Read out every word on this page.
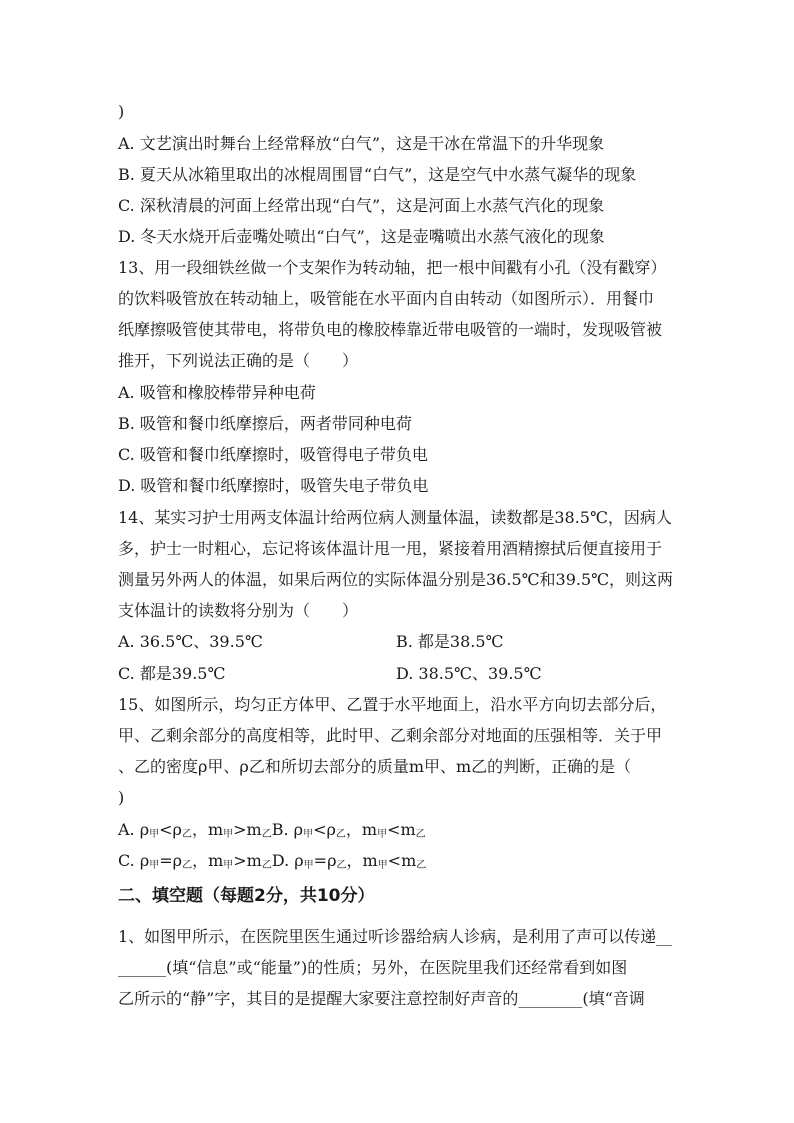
)
A. 文艺演出时舞台上经常释放“白气”，这是干冰在常温下的升华现象
B. 夏天从冰箱里取出的冰棍周围冒“白气”，这是空气中水蒸气凝华的现象
C. 深秋清晨的河面上经常出现“白气”，这是河面上水蒸气汽化的现象
D. 冬天水烧开后壶嘴处喷出“白气”，这是壶嘴喷出水蒸气液化的现象
13、用一段细铁丝做一个支架作为转动轴，把一根中间戳有小孔（没有戳穿）
的饮料吸管放在转动轴上，吸管能在水平面内自由转动（如图所示）．用餐巾
纸摩擦吸管使其带电，将带负电的橡胶棒靠近带电吸管的一端时，发现吸管被
推开，下列说法正确的是（　　）
A. 吸管和橡胶棒带异种电荷
B. 吸管和餐巾纸摩擦后，两者带同种电荷
C. 吸管和餐巾纸摩擦时，吸管得电子带负电
D. 吸管和餐巾纸摩擦时，吸管失电子带负电
14、某实习护士用两支体温计给两位病人测量体温，读数都是38.5℃，因病人
多，护士一时粗心，忘记将该体温计甩一甩，紧接着用酒精擦拭后便直接用于
测量另外两人的体温，如果后两位的实际体温分别是36.5℃和39.5℃，则这两
支体温计的读数将分别为（　　）
A. 36.5℃、39.5℃	B. 都是38.5℃
C. 都是39.5℃	D. 38.5℃、39.5℃
15、如图所示，均匀正方体甲、乙置于水平地面上，沿水平方向切去部分后，
甲、乙剩余部分的高度相等，此时甲、乙剩余部分对地面的压强相等．关于甲
、乙的密度ρ甲、ρ乙和所切去部分的质量m甲、m乙的判断，正确的是（
)
A. $\rho_甲<\rho_乙$，$m_甲>m_乙B$. $\rho_甲<\rho_乙$，$m_甲<m_乙$
C. $\rho_甲=\rho_乙$，$m_甲>m_乙D$. $\rho_甲=\rho_乙$，$m_甲<m_乙$
二、填空题（每题2分，共10分）
1、如图甲所示，在医院里医生通过听诊器给病人诊病，是利用了声可以传递__
______(填“信息”或“能量”)的性质；另外，在医院里我们还经常看到如图
乙所示的“静”字，其目的是提醒大家要注意控制好声音的________(填“音调
